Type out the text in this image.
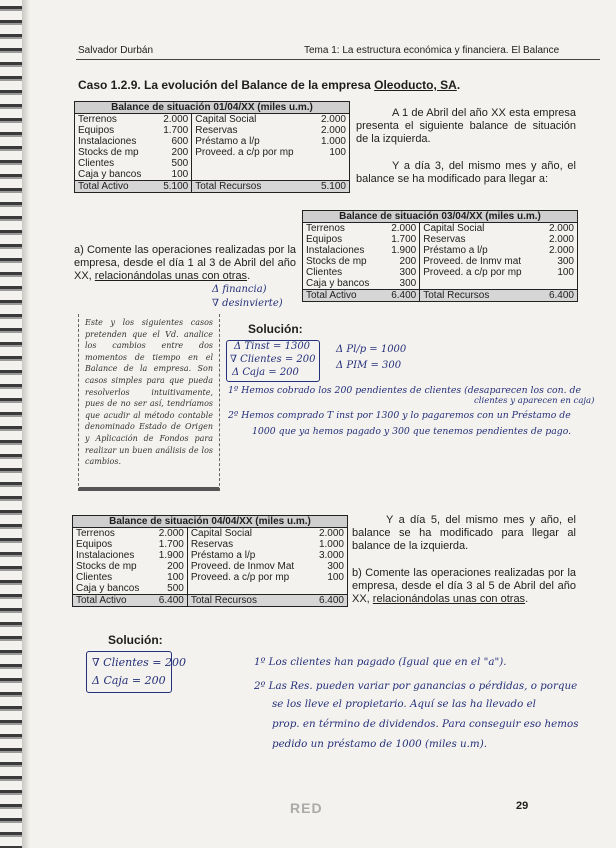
Salvador Durbán	Tema 1: La estructura económica y financiera. El Balance
Caso 1.2.9. La evolución del Balance de la empresa Oleoducto, SA.
Balance de situación 01/04/XX (miles u.m.)			
Terrenos	2.000	Capital Social	2.000
Equipos	1.700	Reservas	2.000
Instalaciones	600	Préstamo a l/p	1.000
Stocks de mp	200	Proveed. a c/p por mp	100
Clientes	500		
Caja y bancos	100		
Total Activo	5.100	Total Recursos	5.100
Balance de situación 03/04/XX (miles u.m.)			
Terrenos	2.000	Capital Social	2.000
Equipos	1.700	Reservas	2.000
Instalaciones	1.900	Préstamo a l/p	2.000
Stocks de mp	200	Proveed. de Inmv mat	300
Clientes	300	Proveed. a c/p por mp	100
Caja y bancos	300		
Total Activo	6.400	Total Recursos	6.400
Balance de situación 04/04/XX (miles u.m.)			
Terrenos	2.000	Capital Social	2.000
Equipos	1.700	Reservas	1.000
Instalaciones	1.900	Préstamo a l/p	3.000
Stocks de mp	200	Proveed. de Inmov Mat	300
Clientes	100	Proveed. a c/p por mp	100
Caja y bancos	500		
Total Activo	6.400	Total Recursos	6.400
A 1 de Abril del año XX esta empresa presenta el siguiente balance de situación de la izquierda.
Y a día 3, del mismo mes y año, el balance se ha modificado para llegar a:
a) Comente las operaciones realizadas por la empresa, desde el día 1 al 3 de Abril del año XX, relacionándolas unas con otras.
Y a día 5, del mismo mes y año, el balance se ha modificado para llegar al balance de la izquierda.
b) Comente las operaciones realizadas por la empresa, desde el día 3 al 5 de Abril del año XX, relacionándolas unas con otras.
Este y los siguientes casos pretenden que el Vd. analice los cambios entre dos momentos de tiempo en el Balance de la empresa. Son casos simples para que pueda resolverlos intuitivamente, pues de no ser así, tendríamos que acudir al método contable denominado Estado de Origen y Aplicación de Fondos para realizar un buen análisis de los cambios.
Solución:
Solución:
Δ financia)
∇ desinvierte)
Δ Tinst = 1300
∇ Clientes = 200
Δ Caja = 200
Δ Pl/p = 1000
Δ PIM = 300
1º Hemos cobrado los 200 pendientes de clientes (desaparecen los con. de
clientes y aparecen en caja)
2º Hemos comprado T inst por 1300 y lo pagaremos con un Préstamo de
1000 que ya hemos pagado y 300 que tenemos pendientes de pago.
∇ Clientes = 200
Δ Caja = 200
1º Los clientes han pagado (Igual que en el "a").
2º Las Res. pueden variar por ganancias o pérdidas, o porque
se los lleve el propietario. Aquí se las ha llevado el
prop. en término de dividendos. Para conseguir eso hemos
pedido un préstamo de 1000 (miles u.m).
RED	29
